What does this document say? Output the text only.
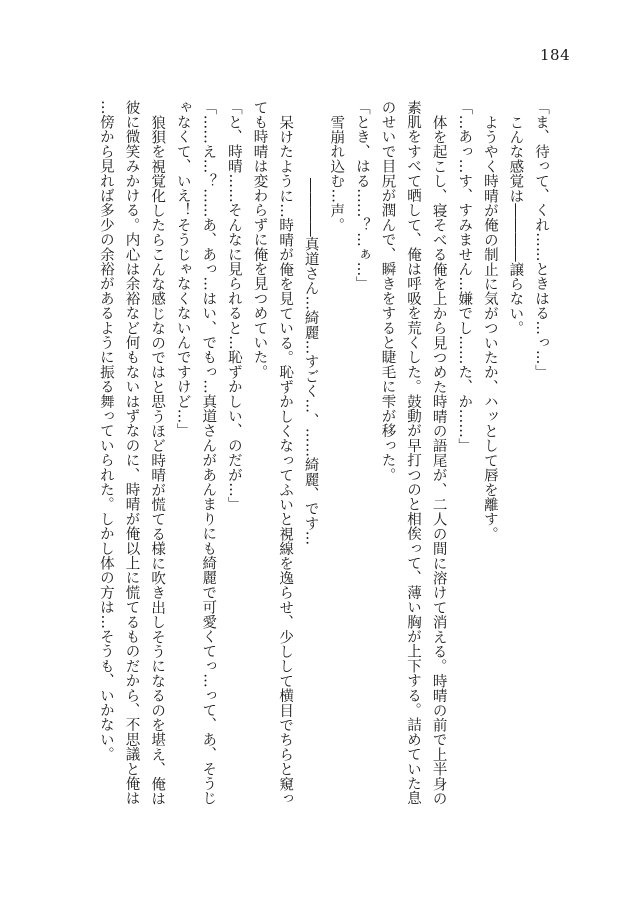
184
「ま、待って、くれ……ときはる…っ…」
こんな感覚は――――譲らない。
ようやく時晴が俺の制止に気がついたか、ハッとして唇を離す。
「…あっ…す、すみません…嫌でし……た、か……」
体を起こし、寝そべる俺を上から見つめた時晴の語尾が、二人の間に溶けて消える。時晴の前で上半身の
素肌をすべて晒して、俺は呼吸を荒くした。鼓動が早打つのと相俟って、薄い胸が上下する。詰めていた息
のせいで目尻が潤んで、瞬きをすると睫毛に雫が移った。
「とき、はる……？…ぁ…」
雪崩れ込む…声。
――――真道さん…綺麗…すごく…、……綺麗、です…
呆けたように…時晴が俺を見ている。恥ずかしくなってふいと視線を逸らせ、少しして横目でちらと窺っ
ても時晴は変わらずに俺を見つめていた。
「と、時晴……そんなに見られると…恥ずかしい、のだが…」
「……え…？……あ、あっ…はい、でもっ…真道さんがあんまりにも綺麗で可愛くてっ…って、あ、そうじ
ゃなくて、いえ！そうじゃなくないんですけど…」
狼狽を視覚化したらこんな感じなのではと思うほど時晴が慌てる様に吹き出しそうになるのを堪え、俺は
彼に微笑みかける。内心は余裕など何もないはずなのに、時晴が俺以上に慌てるものだから、不思議と俺は
…傍から見れば多少の余裕があるように振る舞っていられた。しかし体の方は…そうも、いかない。
